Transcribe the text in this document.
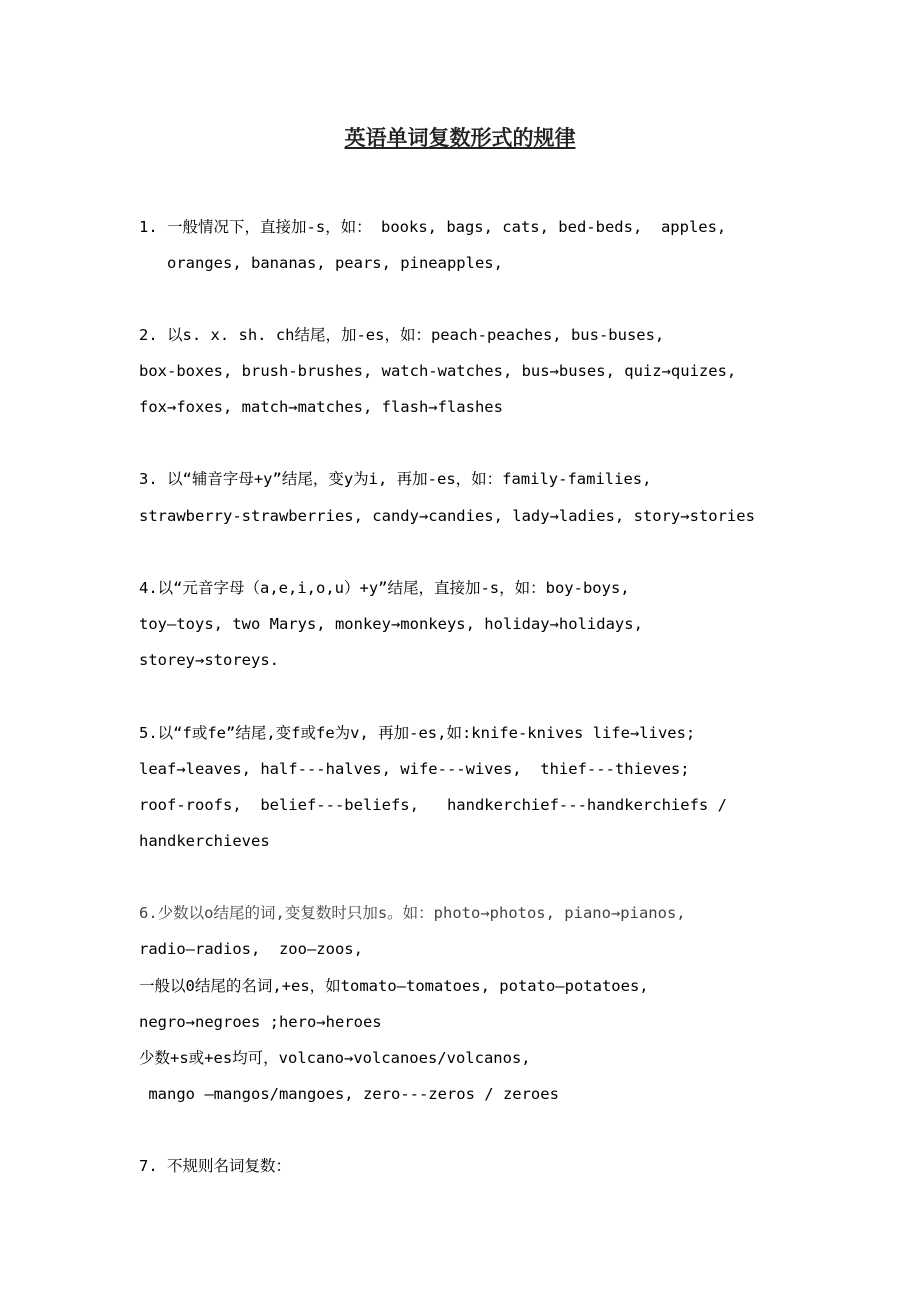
英语单词复数形式的规律
1. 一般情况下，直接加-s，如： books, bags, cats, bed-beds,  apples,
oranges, bananas, pears, pineapples,
2. 以s. x. sh. ch结尾，加-es，如：peach-peaches, bus-buses,
box-boxes, brush-brushes, watch-watches, bus→buses, quiz→quizes,
fox→foxes, match→matches, flash→flashes
3. 以“辅音字母+y”结尾，变y为i, 再加-es，如：family-families,
strawberry-strawberries, candy→candies, lady→ladies, story→stories
4.以“元音字母（a,e,i,o,u）+y”结尾，直接加-s，如：boy-boys,
toy—toys, two Marys, monkey→monkeys, holiday→holidays,
storey→storeys.
5.以“f或fe”结尾,变f或fe为v, 再加-es,如:knife-knives life→lives;
leaf→leaves, half---halves, wife---wives,  thief---thieves;
roof-roofs,  belief---beliefs,   handkerchief---handkerchiefs /
handkerchieves
6.少数以o结尾的词,变复数时只加s。如：photo→photos, piano→pianos,
radio—radios,  zoo—zoos,
一般以0结尾的名词,+es，如tomato—tomatoes, potato—potatoes,
negro→negroes ;hero→heroes
少数+s或+es均可，volcano→volcanoes/volcanos,
mango —mangos/mangoes, zero---zeros / zeroes
7. 不规则名词复数：
